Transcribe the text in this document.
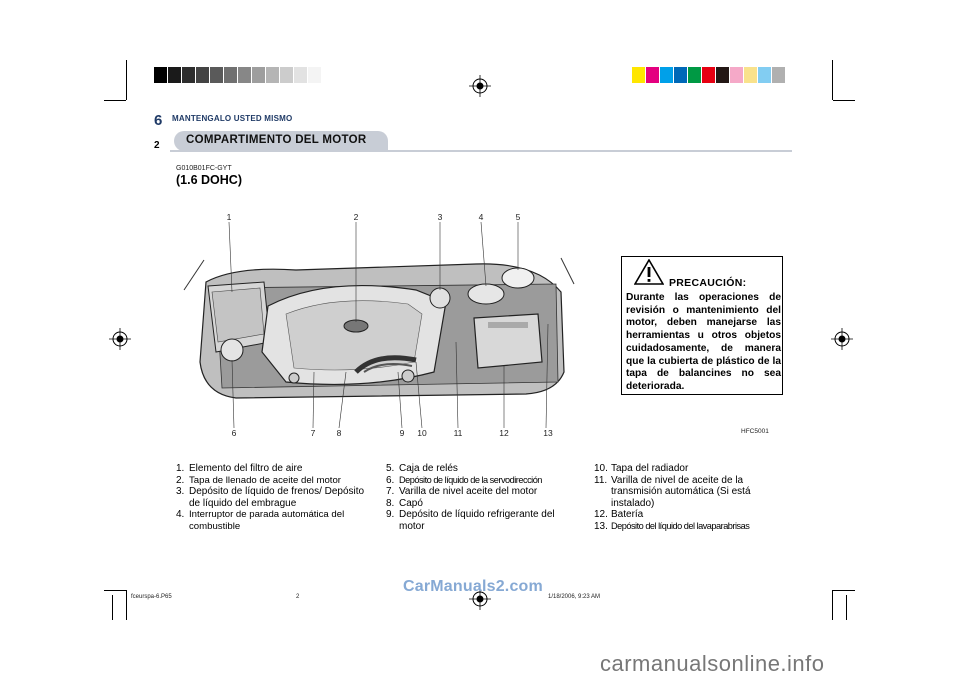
6 MANTENGALO USTED MISMO
2 COMPARTIMENTO DEL MOTOR
G010B01FC-GYT
(1.6 DOHC)
1	2	3	4	5
6	7	8	9 10	11	12	13
PRECAUCIÓN:
Durante las operaciones de revisión o mantenimiento del motor, deben manejarse las herramientas u otros objetos cuidadosamente, de manera que la cubierta de plástico de la tapa de balancines no sea deteriorada.
HFC5001
1. Elemento del filtro de aire
2. Tapa de llenado de aceite del motor
3. Depósito de líquido de frenos/ Depósito de líquido del embrague
4. Interruptor de parada automática del combustible
5. Caja de relés
6. Depósito de líquido de la servodirección
7. Varilla de nivel aceite del motor
8. Capó
9. Depósito de líquido refrigerante del motor
10. Tapa del radiador
11. Varilla de nivel de aceite de la transmisión automática (Si está instalado)
12. Batería
13. Depósito del líquido del lavaparabrisas
fceurspa-6.P65	2	1/18/2006, 9:23 AM
CarManuals2.com
carmanualsonline.info
